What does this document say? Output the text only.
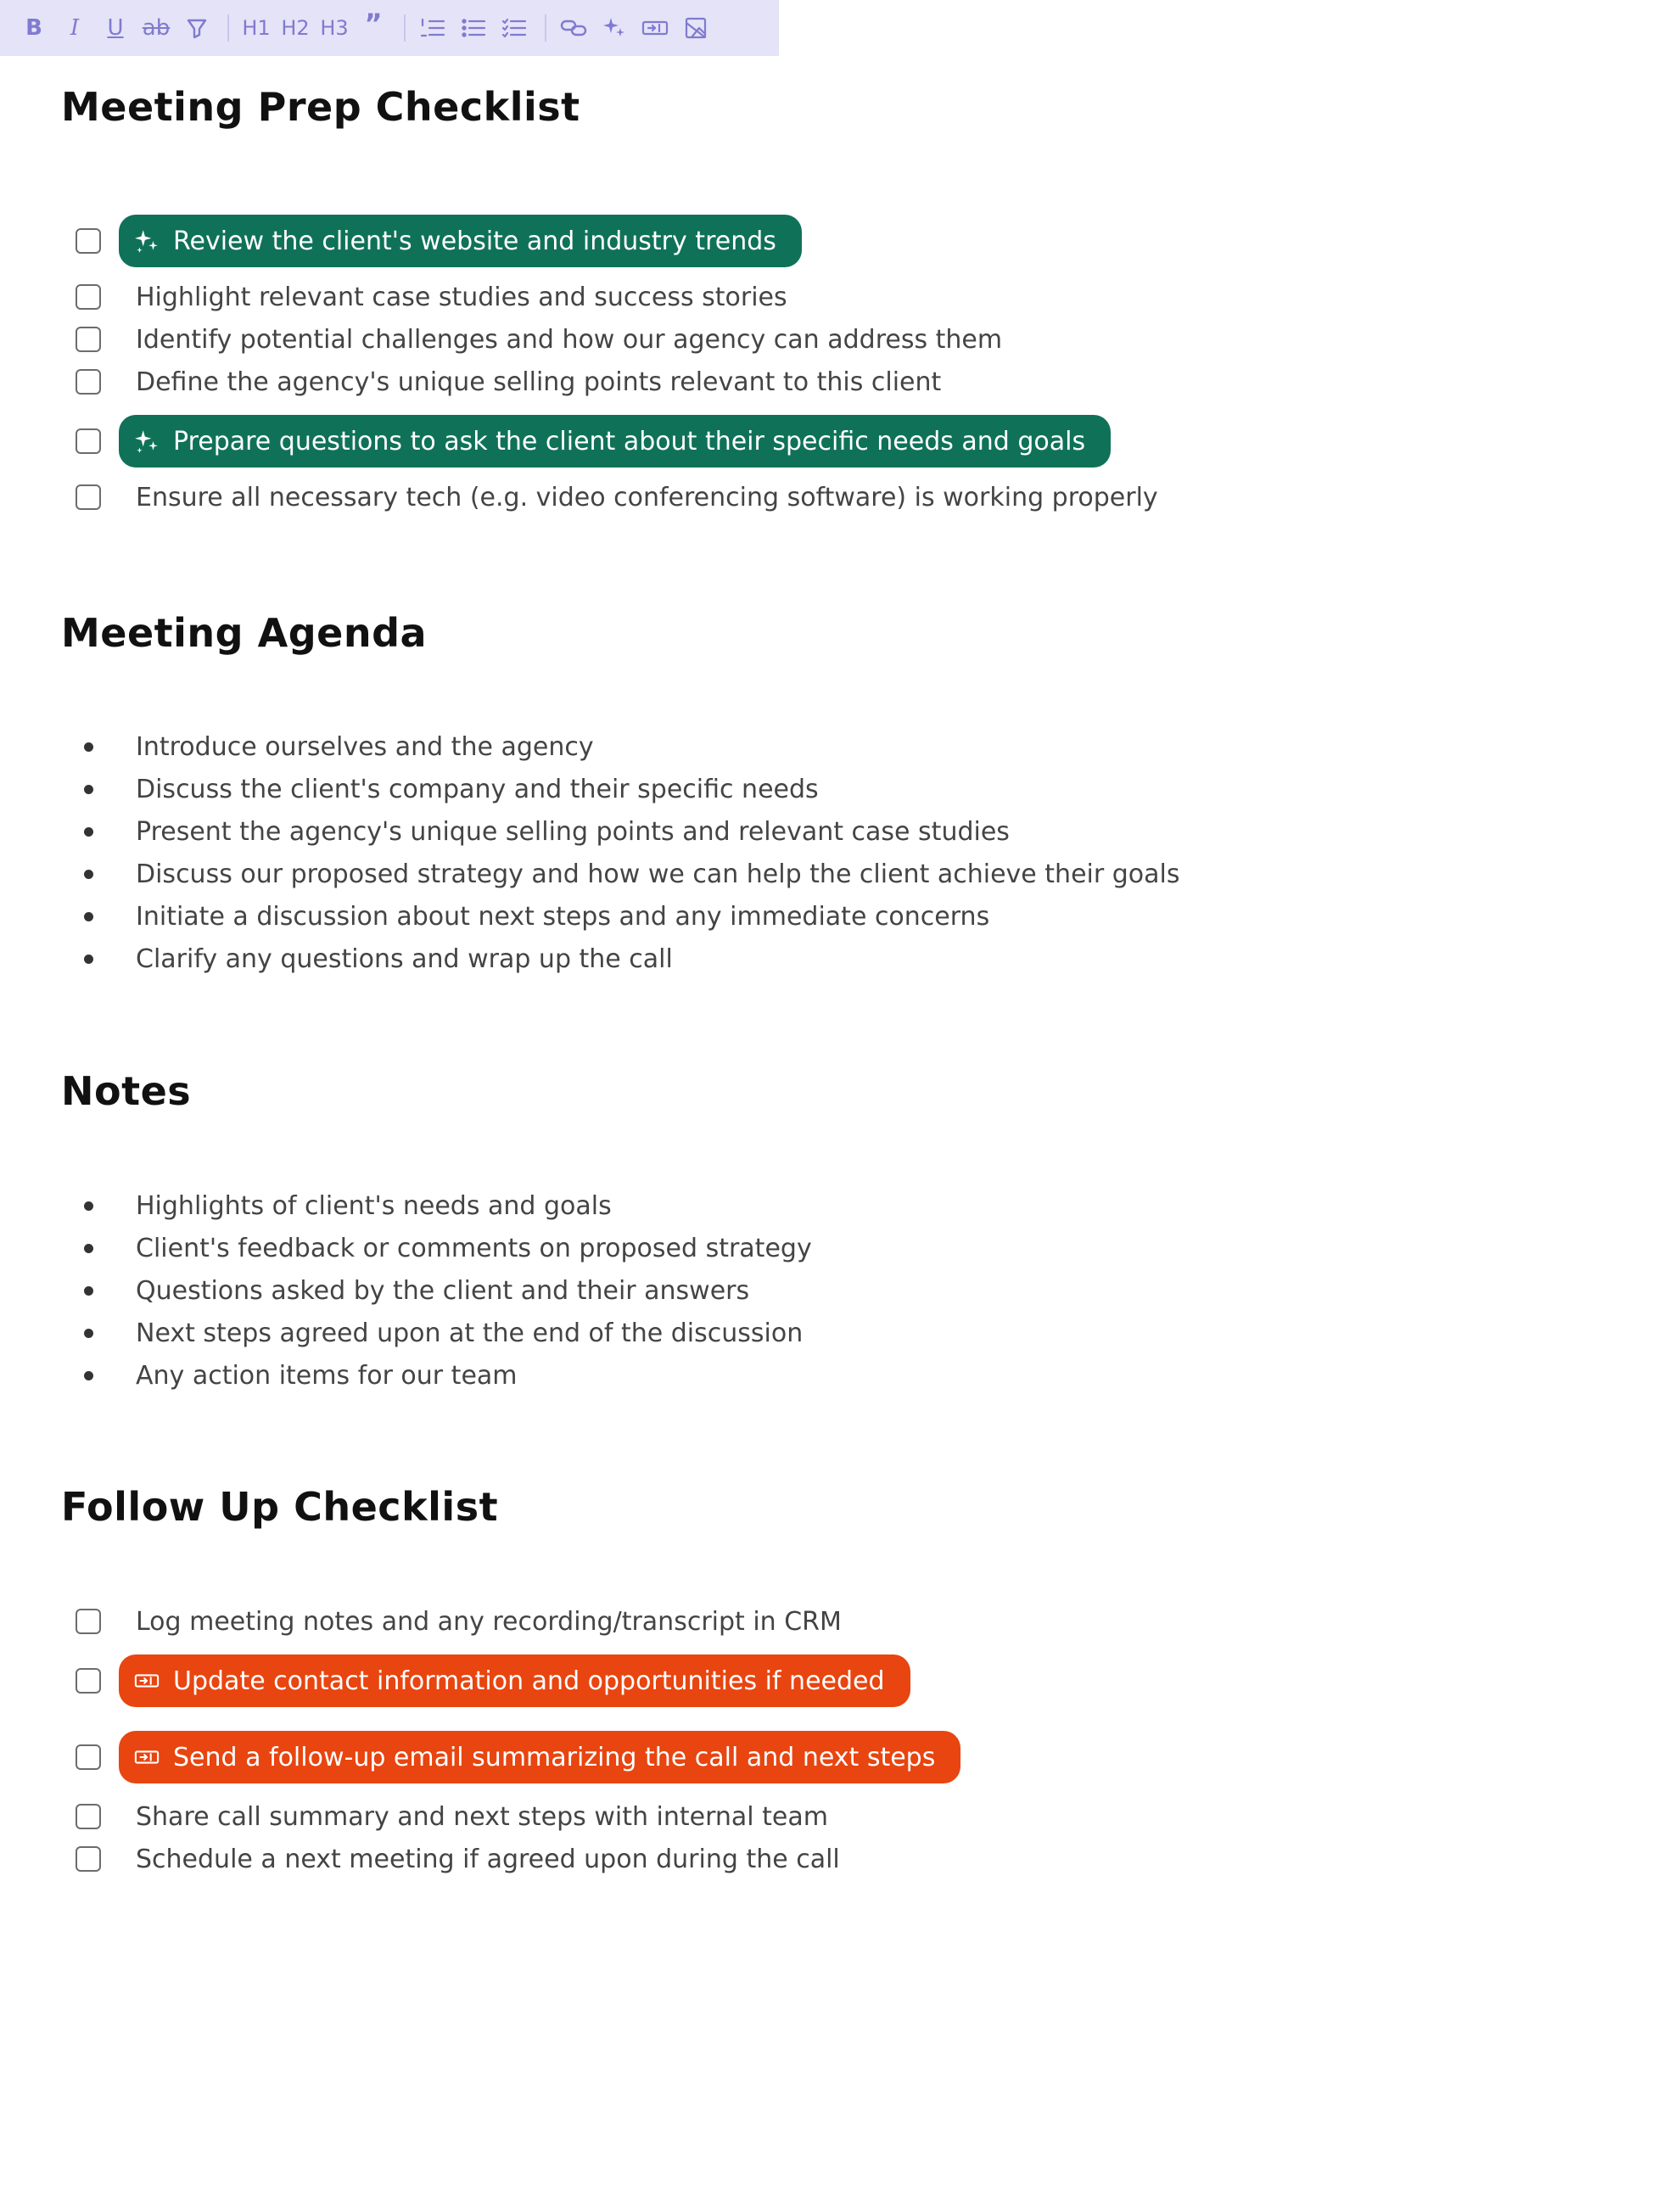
B	I	U ab	H1 H2 H3 ”
Meeting Prep Checklist
Review the client's website and industry trends
Highlight relevant case studies and success stories
Identify potential challenges and how our agency can address them
Define the agency's unique selling points relevant to this client
Prepare questions to ask the client about their specific needs and goals
Ensure all necessary tech (e.g. video conferencing software) is working properly
Meeting Agenda
Introduce ourselves and the agency
Discuss the client's company and their specific needs
Present the agency's unique selling points and relevant case studies
Discuss our proposed strategy and how we can help the client achieve their goals
Initiate a discussion about next steps and any immediate concerns
Clarify any questions and wrap up the call
Notes
Highlights of client's needs and goals
Client's feedback or comments on proposed strategy
Questions asked by the client and their answers
Next steps agreed upon at the end of the discussion
Any action items for our team
Follow Up Checklist
Log meeting notes and any recording/transcript in CRM
Update contact information and opportunities if needed
Send a follow-up email summarizing the call and next steps
Share call summary and next steps with internal team
Schedule a next meeting if agreed upon during the call
